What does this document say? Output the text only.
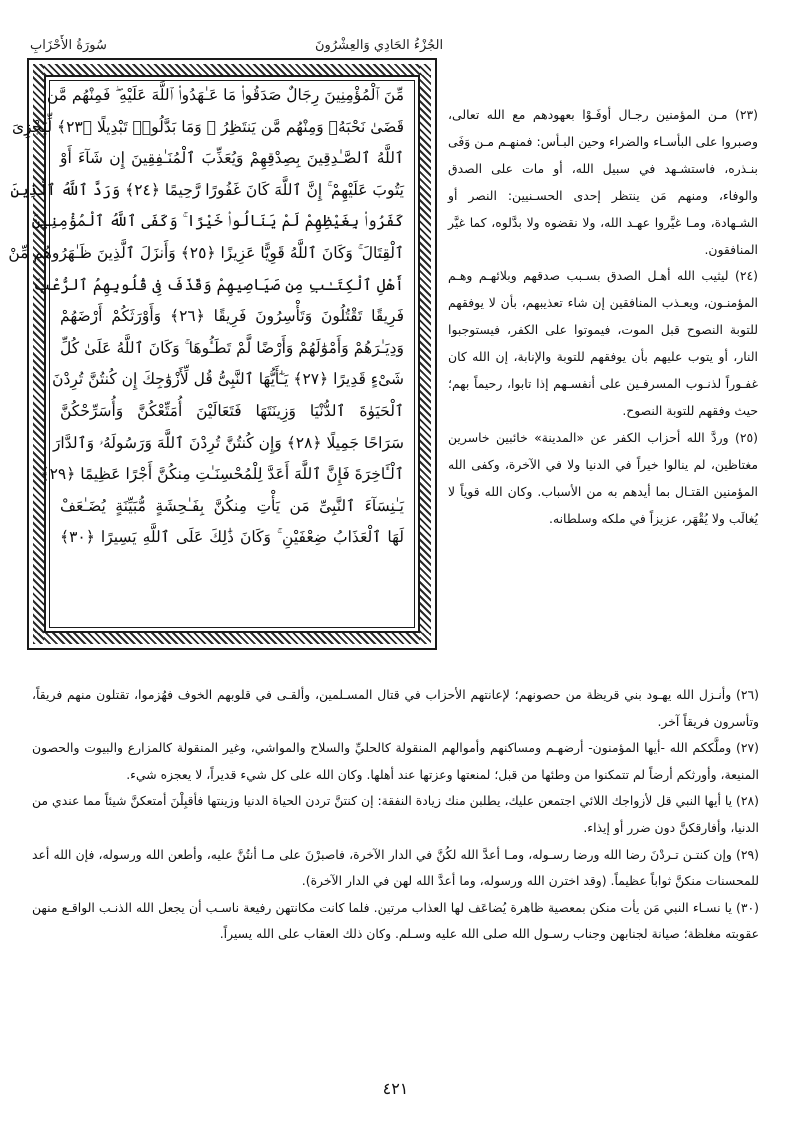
سُورَةُ الأَحْزَابِ	الجُزْءُ الحَادِي وَالعِشْرُونَ
مِّنَ ٱلْمُؤْمِنِينَ رِجَالٌ صَدَقُوا۟ مَا عَـٰهَدُوا۟ ٱللَّهَ عَلَيْهِ ۖ فَمِنْهُم مَّن
قَضَىٰ نَحْبَهُۥ وَمِنْهُم مَّن يَنتَظِرُ ۖ وَمَا بَدَّلُوا۟ تَبْدِيلًا ﴿٢٣﴾ لِّيَجْزِىَ
ٱللَّهُ ٱلصَّـٰدِقِينَ بِصِدْقِهِمْ وَيُعَذِّبَ ٱلْمُنَـٰفِقِينَ إِن شَآءَ أَوْ
يَتُوبَ عَلَيْهِمْ ۚ إِنَّ ٱللَّهَ كَانَ غَفُورًا رَّحِيمًا ﴿٢٤﴾ وَرَدَّ ٱللَّهُ ٱلَّذِينَ
كَفَرُوا۟ بِغَيْظِهِمْ لَمْ يَنَالُوا۟ خَيْرًا ۚ وَكَفَى ٱللَّهُ ٱلْمُؤْمِنِينَ
ٱلْقِتَالَ ۚ وَكَانَ ٱللَّهُ قَوِيًّا عَزِيزًا ﴿٢٥﴾ وَأَنزَلَ ٱلَّذِينَ ظَـٰهَرُوهُم مِّنْ
أَهْلِ ٱلْكِتَـٰبِ مِن صَيَاصِيهِمْ وَقَذَفَ فِى قُلُوبِهِمُ ٱلرُّعْبَ
فَرِيقًا تَقْتُلُونَ وَتَأْسِرُونَ فَرِيقًا ﴿٢٦﴾ وَأَوْرَثَكُمْ أَرْضَهُمْ
وَدِيَـٰرَهُمْ وَأَمْوَٰلَهُمْ وَأَرْضًا لَّمْ تَطَـُٔوهَا ۚ وَكَانَ ٱللَّهُ عَلَىٰ كُلِّ
شَىْءٍ قَدِيرًا ﴿٢٧﴾ يَـٰٓأَيُّهَا ٱلنَّبِىُّ قُل لِّأَزْوَٰجِكَ إِن كُنتُنَّ تُرِدْنَ
ٱلْحَيَوٰةَ ٱلدُّنْيَا وَزِينَتَهَا فَتَعَالَيْنَ أُمَتِّعْكُنَّ وَأُسَرِّحْكُنَّ
سَرَاحًا جَمِيلًا ﴿٢٨﴾ وَإِن كُنتُنَّ تُرِدْنَ ٱللَّهَ وَرَسُولَهُۥ وَٱلدَّارَ
ٱلْـَٔاخِرَةَ فَإِنَّ ٱللَّهَ أَعَدَّ لِلْمُحْسِنَـٰتِ مِنكُنَّ أَجْرًا عَظِيمًا ﴿٢٩﴾
يَـٰنِسَآءَ ٱلنَّبِىِّ مَن يَأْتِ مِنكُنَّ بِفَـٰحِشَةٍ مُّبَيِّنَةٍ يُضَـٰعَفْ
لَهَا ٱلْعَذَابُ ضِعْفَيْنِ ۚ وَكَانَ ذَٰلِكَ عَلَى ٱللَّهِ يَسِيرًا ﴿٣٠﴾

(٢٣) مـن المؤمنين رجـال أوفَـوْا بعهودهم مع الله تعالى، وصبروا على البأسـاء والضراء وحين البـأس: فمنهـم مـن وَفَى بنـذره، فاستشـهد في سبيل الله، أو مات على الصدق والوفاء، ومنهم مَن ينتظر إحدى الحسـنيين: النصر أو الشـهادة، ومـا غيَّروا عهـد الله، ولا نقضوه ولا بدَّلوه، كما غيَّر المنافقون.

(٢٤) ليثيب الله أهـل الصدق بسـبب صدقهم وبلائهـم وهـم المؤمنـون، ويعـذب المنافقين إن شاء تعذيبهم، بأن لا يوفقهم للتوبة النصوح قبل الموت، فيموتوا على الكفر، فيستوجبوا النار، أو يتوب عليهم بأن يوفقهم للتوبة والإنابة، إن الله كان غفـوراً لذنـوب المسرفـين على أنفسـهم إذا تابوا، رحيماً بهم؛ حيث وفقهم للتوبة النصوح.

(٢٥) وردَّ الله أحزاب الكفر عن «المدينة» خائبين خاسرين مغتاظين، لم ينالوا خيراً في الدنيا ولا في الآخرة، وكفى الله المؤمنين القتـال بما أيدهم به من الأسباب. وكان الله قوياً لا يُغالَب ولا يُقْهَر، عزيزاً في ملكه وسلطانه.

(٢٦) وأنـزل الله يهـود بني قريظة من حصونهم؛ لإعانتهم الأحزاب في قتال المسـلمين، وألقـى في قلوبهم الخوف فهُزموا، تقتلون منهم فريقاً، وتأسرون فريقاً آخر.

(٢٧) وملَّككم الله -أيها المؤمنون- أرضهـم ومساكنهم وأموالهم المنقولة كالحليِّ والسلاح والمواشي، وغير المنقولة كالمزارع والبيوت والحصون المنيعة، وأورثكم أرضاً لم تتمكنوا من وطئها من قبل؛ لمنعتها وعزتها عند أهلها. وكان الله على كل شيء قديراً، لا يعجزه شيء.

(٢٨) يا أيها النبي قل لأزواجك اللائي اجتمعن عليك، يطلبن منك زيادة النفقة: إن كنتنَّ تردن الحياة الدنيا وزينتها فأقبِلْنَ أمتعكنَّ شيئاً مما عندي من الدنيا، وأفارقكنَّ دون ضرر أو إيذاء.

(٢٩) وإن كنتـن تـردْنَ رضا الله ورضا رسـوله، ومـا أعدَّ الله لكُنَّ في الدار الآخرة، فاصبرْنَ على مـا أنتُنَّ عليه، وأطعن الله ورسوله، فإن الله أعد للمحسنات منكنَّ ثواباً عظيماً. (وقد اخترن الله ورسوله، وما أعدَّ الله لهن في الدار الآخرة).

(٣٠) يا نسـاء النبي مَن يأت منكن بمعصية ظاهرة يُضاعَف لها العذاب مرتين. فلما كانت مكانتهن رفيعة ناسـب أن يجعل الله الذنـب الواقـع منهن عقوبته مغلظة؛ صيانة لجنابهن وجناب رسـول الله صلى الله عليه وسـلم. وكان ذلك العقاب على الله يسيراً.

٤٢١
